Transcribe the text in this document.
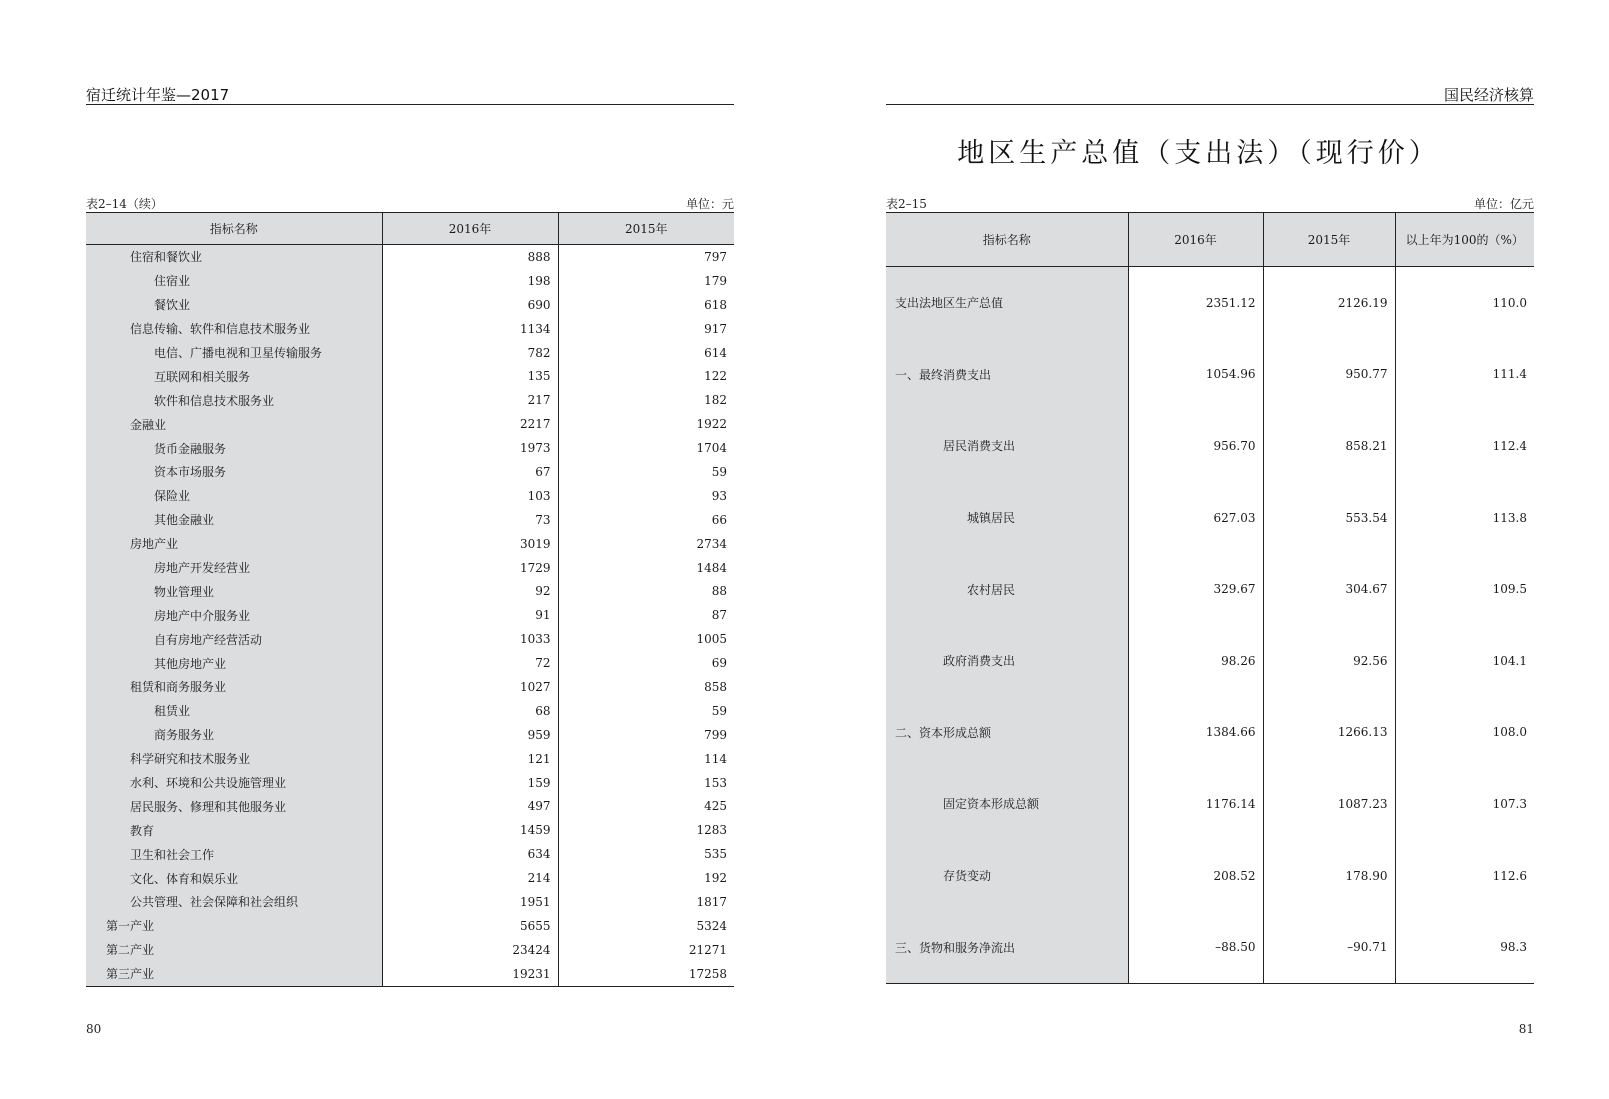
宿迁统计年鉴—2017
表2–14（续）	单位：元
指标名称	2016年	2015年
住宿和餐饮业	888	797
住宿业	198	179
餐饮业	690	618
信息传输、软件和信息技术服务业	1134	917
电信、广播电视和卫星传输服务	782	614
互联网和相关服务	135	122
软件和信息技术服务业	217	182
金融业	2217	1922
货币金融服务	1973	1704
资本市场服务	67	59
保险业	103	93
其他金融业	73	66
房地产业	3019	2734
房地产开发经营业	1729	1484
物业管理业	92	88
房地产中介服务业	91	87
自有房地产经营活动	1033	1005
其他房地产业	72	69
租赁和商务服务业	1027	858
租赁业	68	59
商务服务业	959	799
科学研究和技术服务业	121	114
水利、环境和公共设施管理业	159	153
居民服务、修理和其他服务业	497	425
教育	1459	1283
卫生和社会工作	634	535
文化、体育和娱乐业	214	192
公共管理、社会保障和社会组织	1951	1817
第一产业	5655	5324
第二产业	23424	21271
第三产业	19231	17258
80
国民经济核算
地区生产总值（支出法）（现行价）
表2–15	单位：亿元
指标名称	2016年	2015年	以上年为100的（%）
支出法地区生产总值	2351.12	2126.19	110.0
一、最终消费支出	1054.96	950.77	111.4
居民消费支出	956.70	858.21	112.4
城镇居民	627.03	553.54	113.8
农村居民	329.67	304.67	109.5
政府消费支出	98.26	92.56	104.1
二、资本形成总额	1384.66	1266.13	108.0
固定资本形成总额	1176.14	1087.23	107.3
存货变动	208.52	178.90	112.6
三、货物和服务净流出	–88.50	–90.71	98.3
81
